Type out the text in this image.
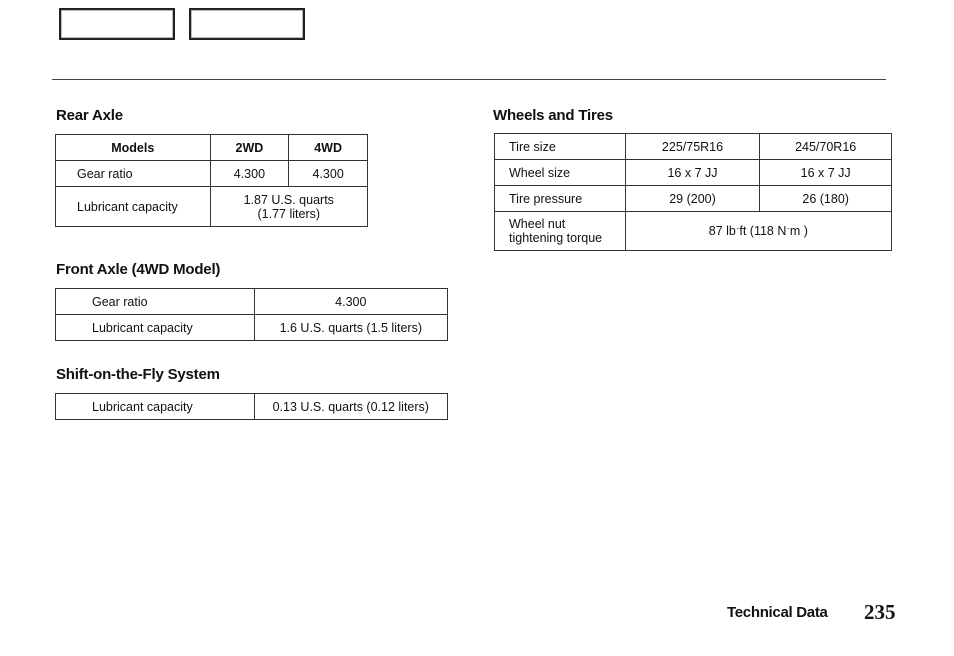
Rear Axle
Models	2WD	4WD
Gear ratio	4.300	4.300
Lubricant capacity	1.87 U.S. quarts
(1.77 liters)	
Front Axle (4WD Model)
Gear ratio	4.300
Lubricant capacity	1.6 U.S. quarts (1.5 liters)
Shift-on-the-Fly System
Lubricant capacity	0.13 U.S. quarts (0.12 liters)
Wheels and Tires
Tire size	225/75R16	245/70R16
Wheel size	16 x 7 JJ	16 x 7 JJ
Tire pressure	29 (200)	26 (180)

Wheel nut
tightening torque	87 lbˑft (118 Nˑm )	
Technical Data 235
